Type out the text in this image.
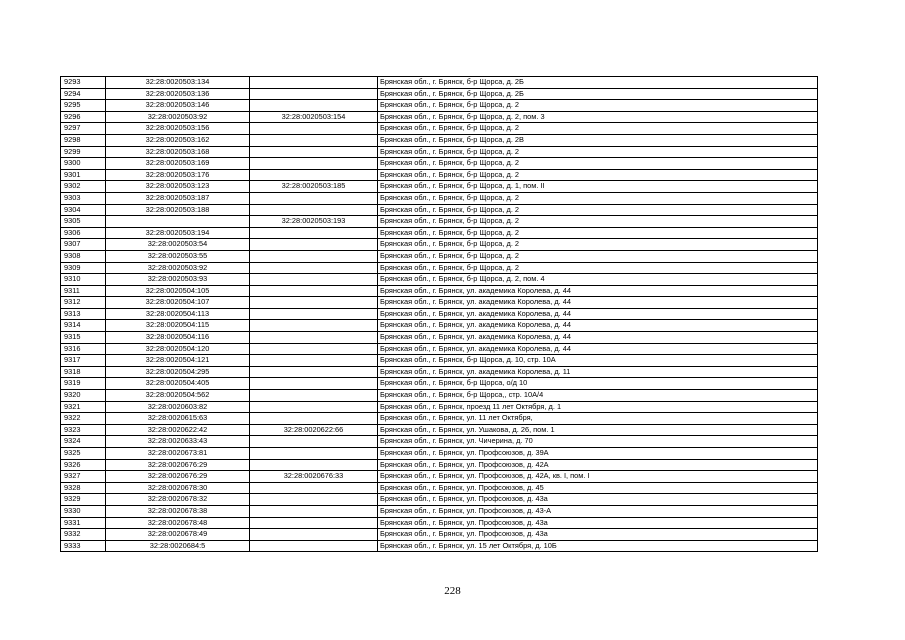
9293	32:28:0020503:134		Брянская обл., г. Брянск, б-р Щорса, д. 2Б
9294	32:28:0020503:136		Брянская обл., г. Брянск, б-р Щорса, д. 2Б
9295	32:28:0020503:146		Брянская обл., г. Брянск, б-р Щорса, д. 2
9296	32:28:0020503:92	32:28:0020503:154	Брянская обл., г. Брянск, б-р Щорса, д. 2, пом. 3
9297	32:28:0020503:156		Брянская обл., г. Брянск, б-р Щорса, д. 2
9298	32:28:0020503:162		Брянская обл., г. Брянск, б-р Щорса, д. 2В
9299	32:28:0020503:168		Брянская обл., г. Брянск, б-р Щорса, д. 2
9300	32:28:0020503:169		Брянская обл., г. Брянск, б-р Щорса, д. 2
9301	32:28:0020503:176		Брянская обл., г. Брянск, б-р Щорса, д. 2
9302	32:28:0020503:123	32:28:0020503:185	Брянская обл., г. Брянск, б-р Щорса, д. 1, пом. II
9303	32:28:0020503:187		Брянская обл., г. Брянск, б-р Щорса, д. 2
9304	32:28:0020503:188		Брянская обл., г. Брянск, б-р Щорса, д. 2
9305		32:28:0020503:193	Брянская обл., г. Брянск, б-р Щорса, д. 2
9306	32:28:0020503:194		Брянская обл., г. Брянск, б-р Щорса, д. 2
9307	32:28:0020503:54		Брянская обл., г. Брянск, б-р Щорса, д. 2
9308	32:28:0020503:55		Брянская обл., г. Брянск, б-р Щорса, д. 2
9309	32:28:0020503:92		Брянская обл., г. Брянск, б-р Щорса, д. 2
9310	32:28:0020503:93		Брянская обл., г. Брянск, б-р Щорса, д. 2, пом. 4
9311	32:28:0020504:105		Брянская обл., г. Брянск, ул. академика Королева, д. 44
9312	32:28:0020504:107		Брянская обл., г. Брянск, ул. академика Королева, д. 44
9313	32:28:0020504:113		Брянская обл., г. Брянск, ул. академика Королева, д. 44
9314	32:28:0020504:115		Брянская обл., г. Брянск, ул. академика Королева, д. 44
9315	32:28:0020504:116		Брянская обл., г. Брянск, ул. академика Королева, д. 44
9316	32:28:0020504:120		Брянская обл., г. Брянск, ул. академика Королева, д. 44
9317	32:28:0020504:121		Брянская обл., г. Брянск, б-р Щорса, д. 10, стр. 10А
9318	32:28:0020504:295		Брянская обл., г. Брянск, ул. академика Королева, д. 11
9319	32:28:0020504:405		Брянская обл., г. Брянск, б-р Щорса, о/д 10
9320	32:28:0020504:562		Брянская обл., г. Брянск, б-р Щорса,, стр. 10А/4
9321	32:28:0020603:82		Брянская обл., г. Брянск, проезд 11 лет Октября, д. 1
9322	32:28:0020615:63		Брянская обл., г. Брянск, ул. 11 лет Октября,
9323	32:28:0020622:42	32:28:0020622:66	Брянская обл., г. Брянск, ул. Ушакова, д. 26, пом. 1
9324	32:28:0020633:43		Брянская обл., г. Брянск, ул. Чичерина, д. 70
9325	32:28:0020673:81		Брянская обл., г. Брянск, ул. Профсоюзов, д. 39А
9326	32:28:0020676:29		Брянская обл., г. Брянск, ул. Профсоюзов, д. 42А
9327	32:28:0020676:29	32:28:0020676:33	Брянская обл., г. Брянск, ул. Профсоюзов, д. 42А, кв. I, пом. I
9328	32:28:0020678:30		Брянская обл., г. Брянск, ул. Профсоюзов, д. 45
9329	32:28:0020678:32		Брянская обл., г. Брянск, ул. Профсоюзов, д. 43а
9330	32:28:0020678:38		Брянская обл., г. Брянск, ул. Профсоюзов, д. 43-А
9331	32:28:0020678:48		Брянская обл., г. Брянск, ул. Профсоюзов, д. 43а
9332	32:28:0020678:49		Брянская обл., г. Брянск, ул. Профсоюзов, д. 43а
9333	32:28:0020684:5		Брянская обл., г. Брянск, ул. 15 лет Октября, д. 10Б
228
